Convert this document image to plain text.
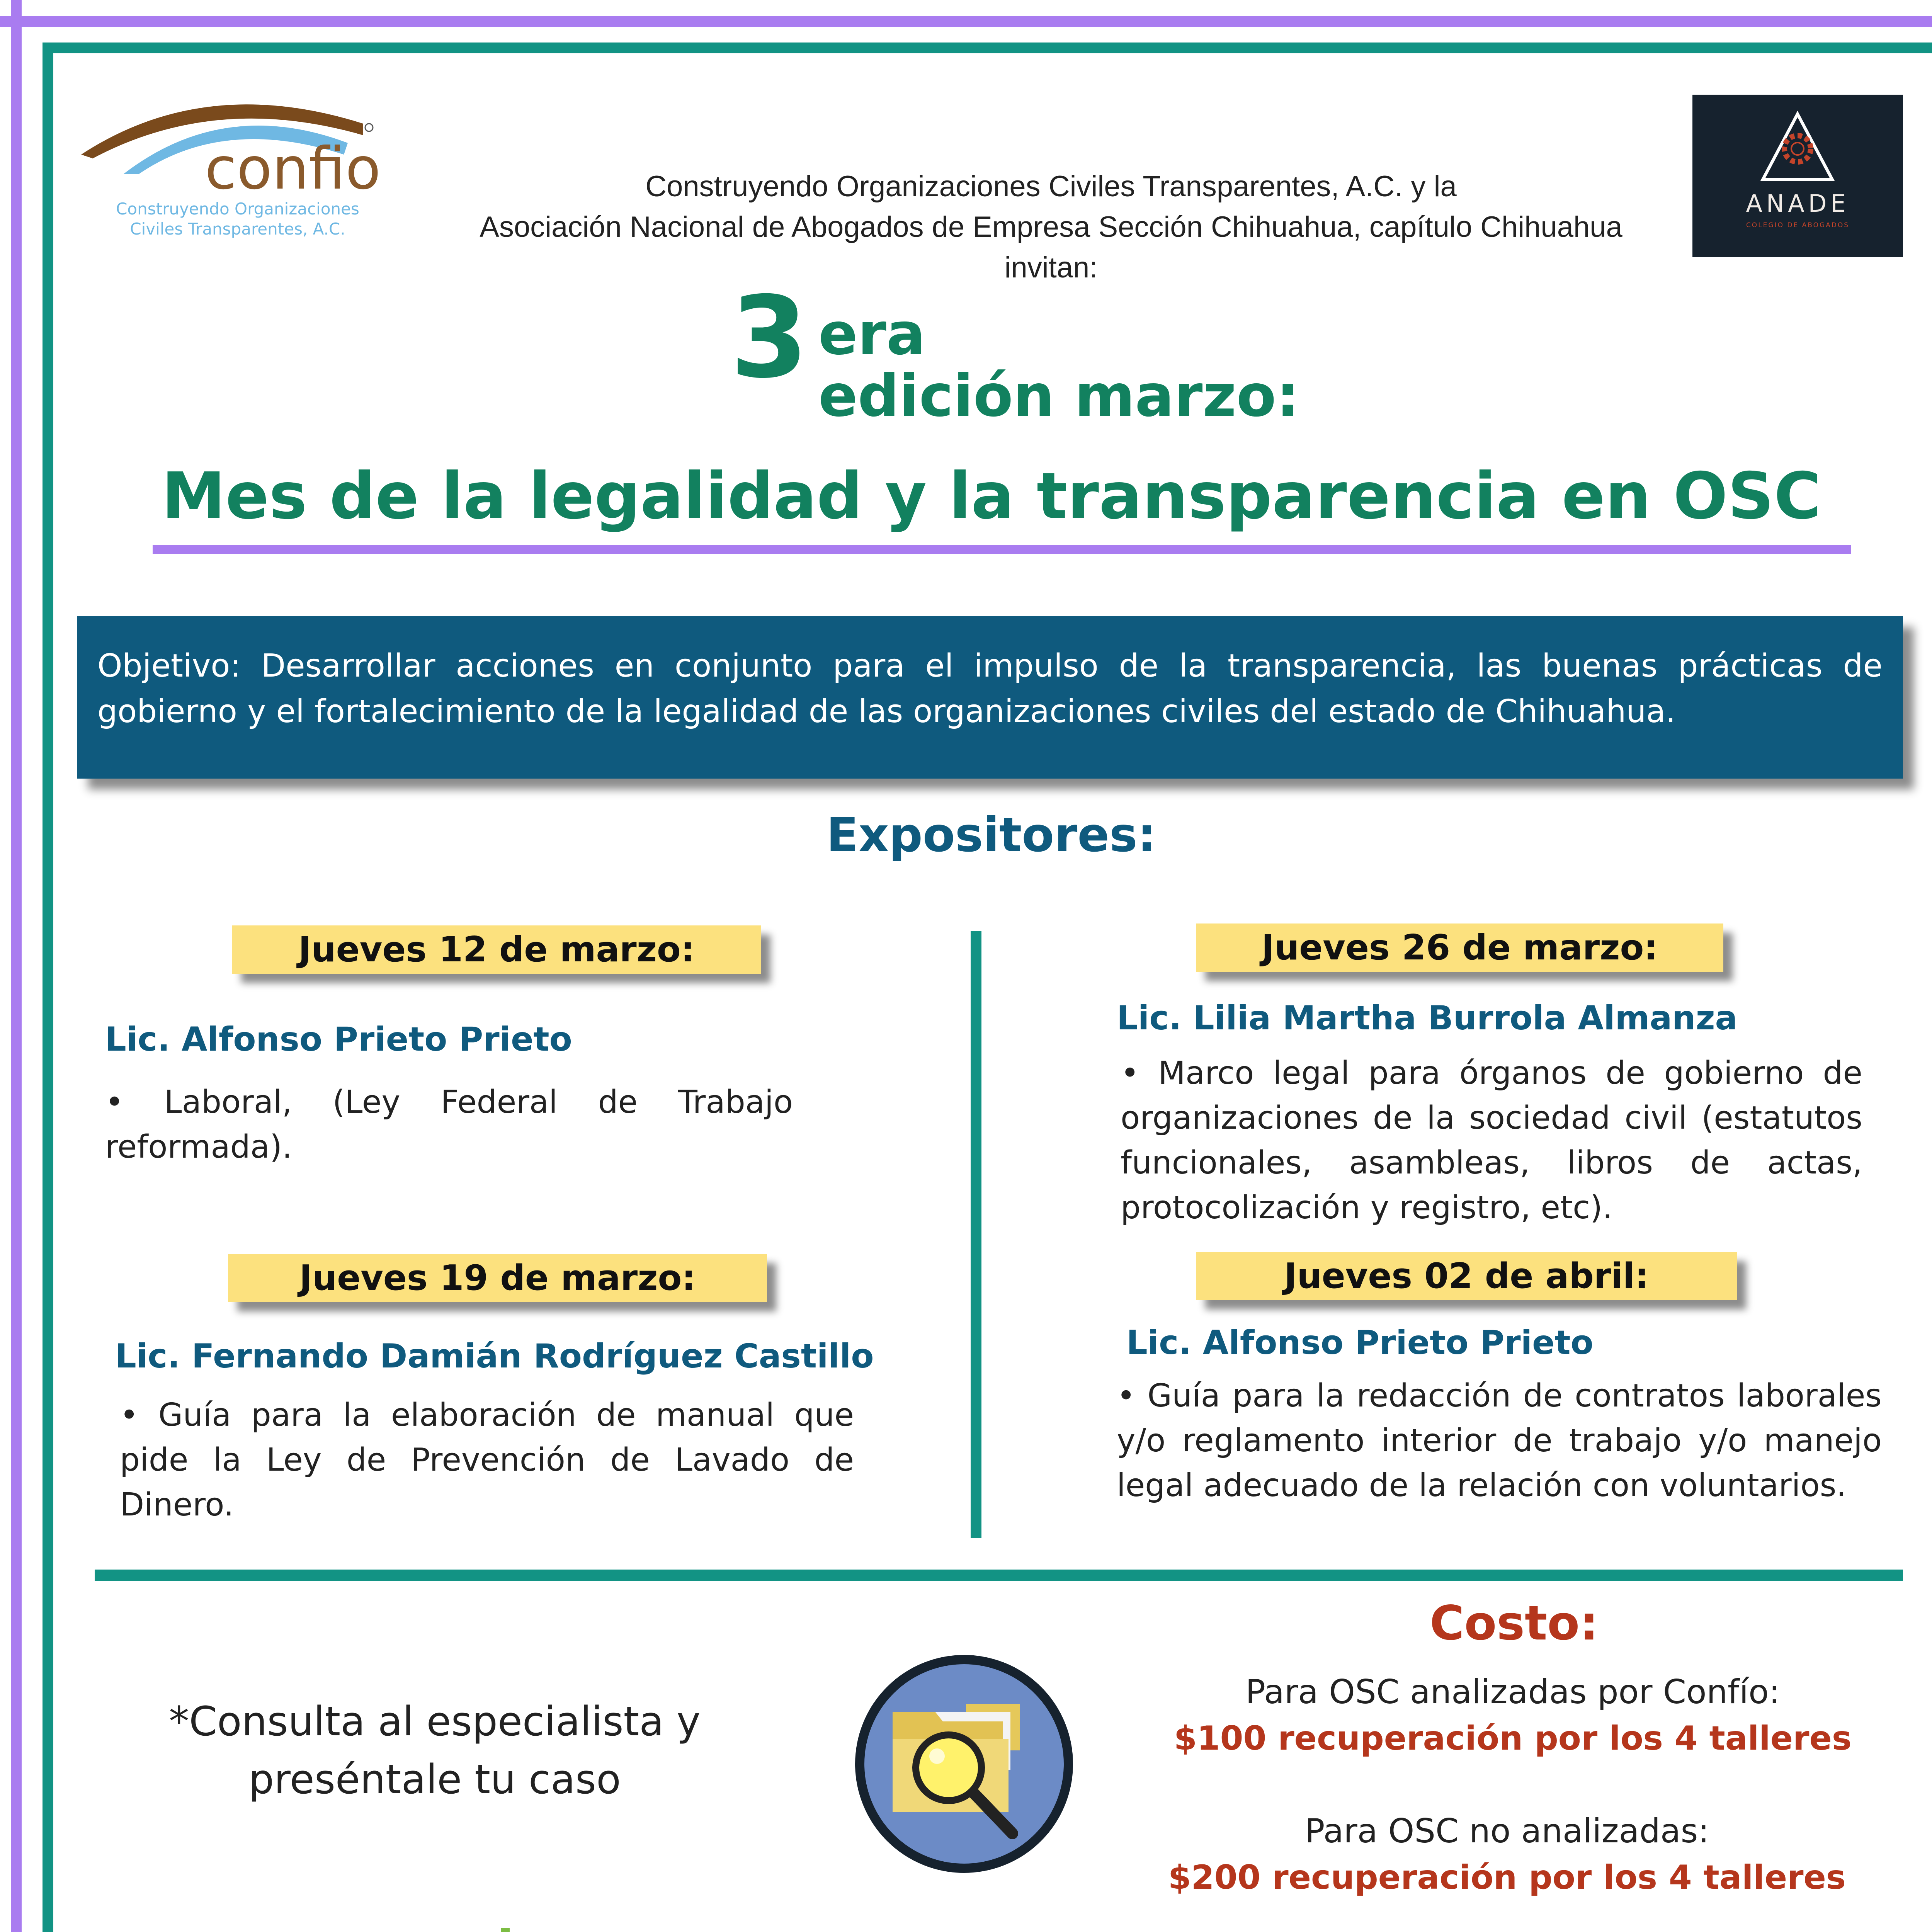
confio
Construyendo Organizaciones
Civiles Transparentes, A.C.
ANADE
COLEGIO DE ABOGADOS
Construyendo Organizaciones Civiles Transparentes, A.C. y la
Asociación Nacional de Abogados de Empresa Sección Chihuahua, capítulo Chihuahua
invitan:
3 era
edición marzo:
Mes de la legalidad y la transparencia en OSC
Objetivo: Desarrollar acciones en conjunto para el impulso de la transparencia, las buenas prácticas de gobierno y el fortalecimiento de la legalidad de las organizaciones civiles del estado de Chihuahua.
Expositores:
Jueves 12 de marzo:
Lic. Alfonso Prieto Prieto
• Laboral, (Ley Federal de Trabajo reformada).
Jueves 19 de marzo:
Lic. Fernando Damián Rodríguez Castillo
• Guía para la elaboración de manual que pide la Ley de Prevención de Lavado de Dinero.
Jueves 26 de marzo:
Lic. Lilia Martha Burrola Almanza
• Marco legal para órganos de gobierno de organizaciones de la sociedad civil (estatutos funcionales, asambleas, libros de actas, protocolización y registro, etc).
Jueves 02 de abril:
Lic. Alfonso Prieto Prieto
• Guía para la redacción de contratos laborales y/o reglamento interior de trabajo y/o manejo legal adecuado de la relación con voluntarios.
*Consulta al especialista y
preséntale tu caso
Costo:
Para OSC analizadas por Confío:
$100 recuperación por los 4 talleres
Para OSC no analizadas:
$200 recuperación por los 4 talleres
